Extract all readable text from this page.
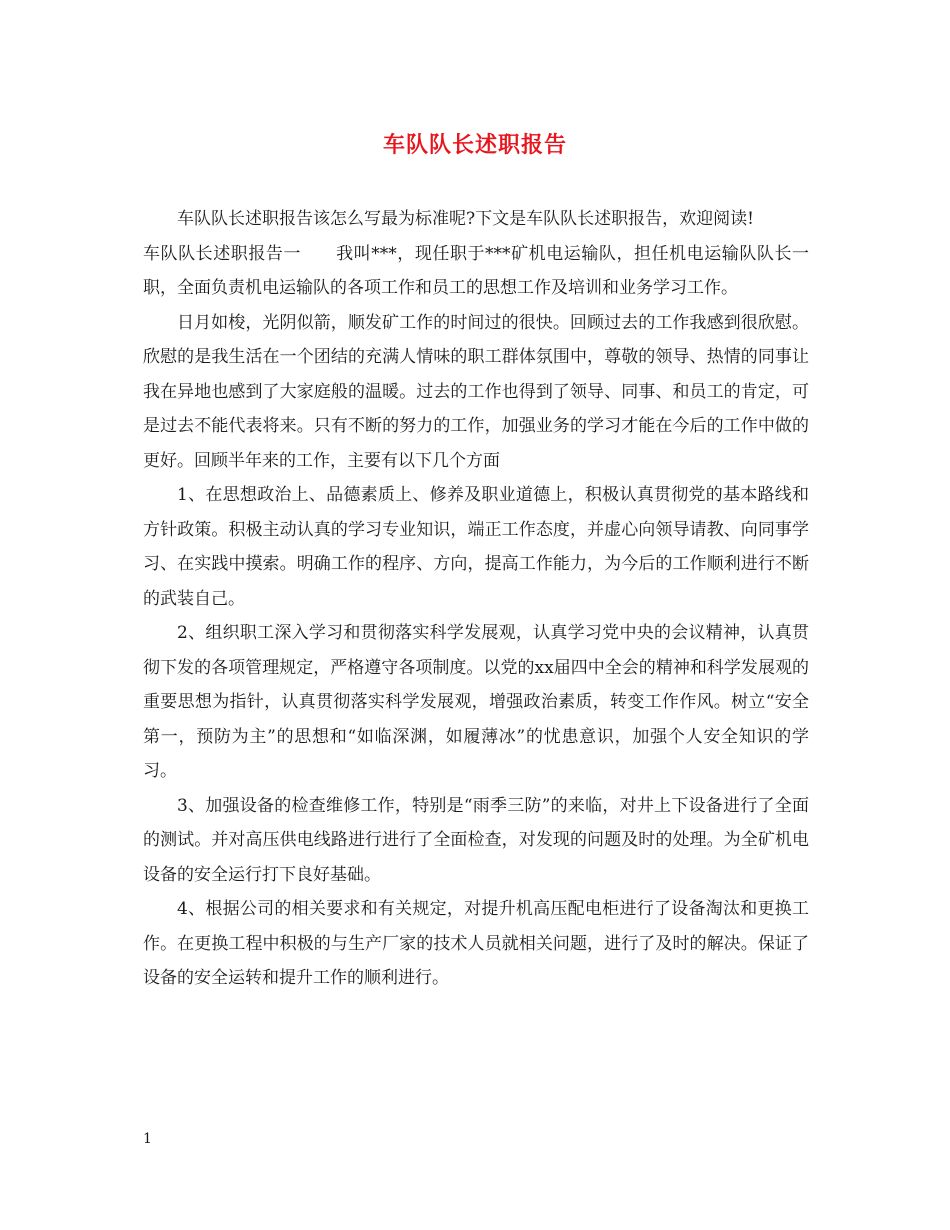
车队队长述职报告

车队队长述职报告该怎么写最为标准呢?下文是车队队长述职报告，欢迎阅读!

车队队长述职报告一　　我叫***，现任职于***矿机电运输队，担任机电运输队队长一职，全面负责机电运输队的各项工作和员工的思想工作及培训和业务学习工作。

日月如梭，光阴似箭，顺发矿工作的时间过的很快。回顾过去的工作我感到很欣慰。欣慰的是我生活在一个团结的充满人情味的职工群体氛围中，尊敬的领导、热情的同事让我在异地也感到了大家庭般的温暖。过去的工作也得到了领导、同事、和员工的肯定，可是过去不能代表将来。只有不断的努力的工作，加强业务的学习才能在今后的工作中做的更好。回顾半年来的工作，主要有以下几个方面

1、在思想政治上、品德素质上、修养及职业道德上，积极认真贯彻党的基本路线和方针政策。积极主动认真的学习专业知识，端正工作态度，并虚心向领导请教、向同事学习、在实践中摸索。明确工作的程序、方向，提高工作能力，为今后的工作顺利进行不断的武装自己。

2、组织职工深入学习和贯彻落实科学发展观，认真学习党中央的会议精神，认真贯彻下发的各项管理规定，严格遵守各项制度。以党的xx届四中全会的精神和科学发展观的重要思想为指针，认真贯彻落实科学发展观，增强政治素质，转变工作作风。树立“安全第一，预防为主”的思想和“如临深渊，如履薄冰”的忧患意识，加强个人安全知识的学习。

3、加强设备的检查维修工作，特别是“雨季三防”的来临，对井上下设备进行了全面的测试。并对高压供电线路进行进行了全面检查，对发现的问题及时的处理。为全矿机电设备的安全运行打下良好基础。

4、根据公司的相关要求和有关规定，对提升机高压配电柜进行了设备淘汰和更换工作。在更换工程中积极的与生产厂家的技术人员就相关问题，进行了及时的解决。保证了设备的安全运转和提升工作的顺利进行。

1
